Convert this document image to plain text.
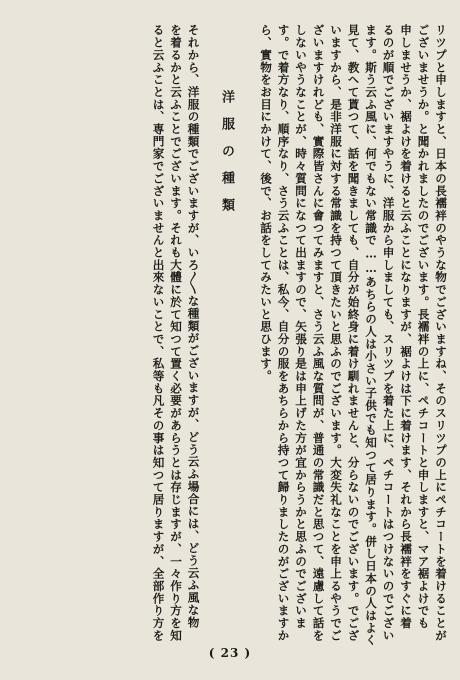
リツプと申しますと、日本の長襦袢のやうな物でございますね、そのスリツプの上にペチコートを着けることが
ございませうか。と聞かれましたのでございます。長襦袢の上に、ペチコートと申しますと、マア裾よけでも
申しませうか、裾よけを着けると云ふことになりますが、裾よけは下に着けます、それから長襦袢をすぐに着
るのが順でございますやうに、洋服から申しましても、スリツプを着た上に、ペチコートはつけないのでござい
ます。斯う云ふ風に、何でもない常識で……あちらの人は小さい子供でも知つて居ります。併し日本の人はよく
見て、教へて貰つて、話を聞きましても、自分が始終身に着け馴れませんと、分らないのでございます。でござ
いますから、是非洋服に対する常識を持つて頂きたいと思ふのでございます。大変失礼なことを申上るやうでご
ざいますけれども、實際皆さんに會つてみますと、さう云ふ風な質問が、普通の常識だと思つて、遠慮して話を
しないやうなことが、時々質問になつて出ますので、矢張り是は申上げた方が宜からうかと思ふのでございま
す。で着方なり、順序なり、さう云ふことは、私今、自分の服をあちらから持つて歸りましたのがございますか
ら、實物をお目にかけて、後で、お話をしてみたいと思ひます。
洋服の種類
それから、洋服の種類でございますが、いろ〳〵な種類がございますが、どう云ふ場合には、どう云ふ風な物
を着るかと云ふことでございます。それも大體に於て知つて置く必要があらうとは存じますが、一々作り方を知
ると云ふことは、専門家でございませんと出來ないことで、私等も凡その事は知つて居りますが、全部作り方を
( 23 )
